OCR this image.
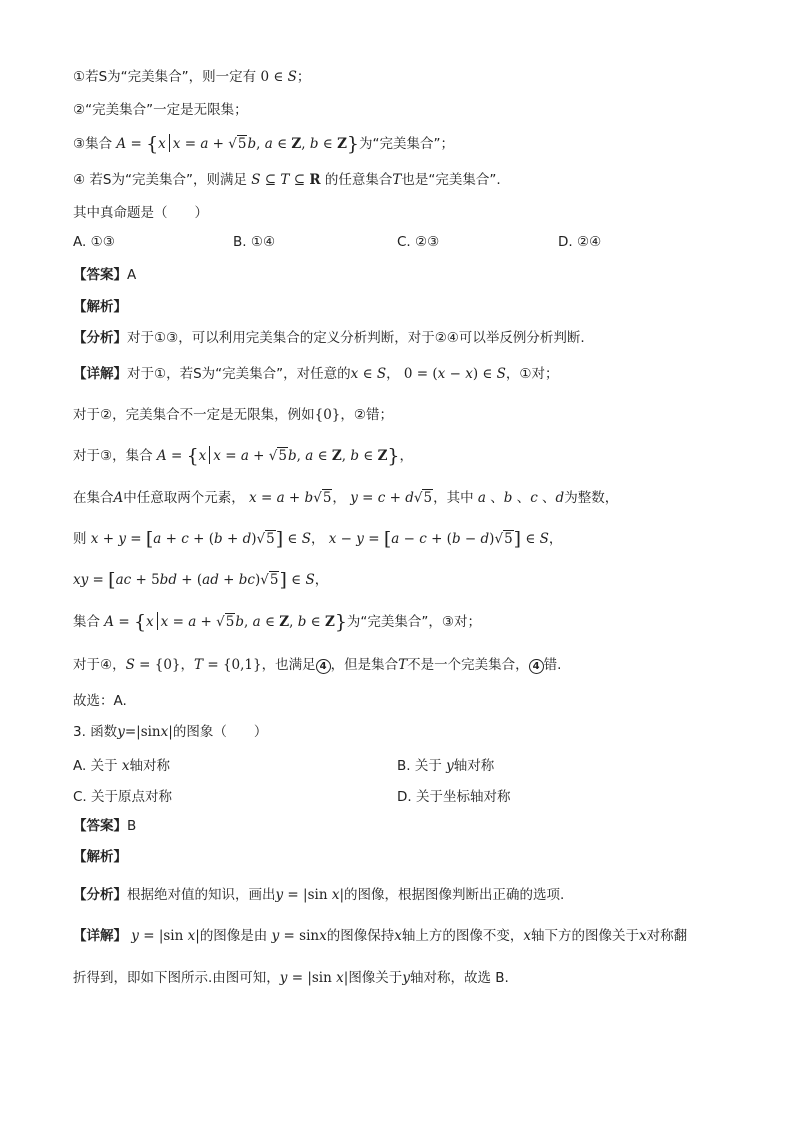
①若S为“完美集合”，则一定有 0 ∈ S；
②“完美集合”一定是无限集；
③集合 A = {x x = a + √5b, a ∈ Z, b ∈ Z}为“完美集合”；
④ 若S为“完美集合”，则满足 S ⊆ T ⊆ R 的任意集合T也是“完美集合”.
其中真命题是（　　）
A. ①③	B. ①④	C. ②③	D. ②④
【答案】A
【解析】
【分析】对于①③，可以利用完美集合的定义分析判断，对于②④可以举反例分析判断.
【详解】对于①，若S为“完美集合”，对任意的x ∈ S， 0 = (x − x) ∈ S，①对；
对于②，完美集合不一定是无限集，例如{0}，②错；
对于③，集合 A = {x x = a + √5b, a ∈ Z, b ∈ Z}，
在集合A中任意取两个元素， x = a + b√5， y = c + d√5，其中 a 、b 、c 、d为整数，
则 x + y = [a + c + (b + d)√5] ∈ S， x − y = [a − c + (b − d)√5] ∈ S，
xy = [ac + 5bd + (ad + bc)√5] ∈ S，
集合 A = {x x = a + √5b, a ∈ Z, b ∈ Z}为“完美集合”，③对；
对于④，S = {0}，T = {0,1}，也满足 4 ，但是集合T不是一个完美集合， 4 错.
故选：A.
3. 函数y=|sinx|的图象（　　）
A. 关于 x轴对称	B. 关于 y轴对称
C. 关于原点对称	D. 关于坐标轴对称
【答案】B
【解析】
【分析】根据绝对值的知识，画出y = |sin x|的图像，根据图像判断出正确的选项.
【详解】 y = |sin x|的图像是由 y = sinx的图像保持x轴上方的图像不变，x轴下方的图像关于x对称翻
折得到，即如下图所示.由图可知，y = |sin x|图像关于y轴对称，故选 B.
